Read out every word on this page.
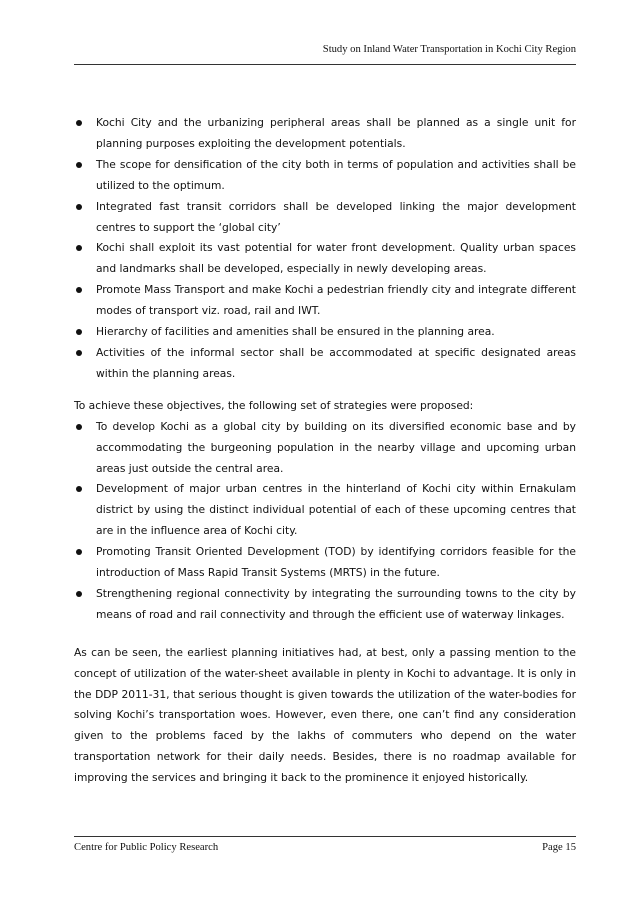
Study on Inland Water Transportation in Kochi City Region
Kochi City and the urbanizing peripheral areas shall be planned as a single unit for planning purposes exploiting the development potentials.
The scope for densification of the city both in terms of population and activities shall be utilized to the optimum.
Integrated fast transit corridors shall be developed linking the major development centres to support the ‘global city’
Kochi shall exploit its vast potential for water front development. Quality urban spaces and landmarks shall be developed, especially in newly developing areas.
Promote Mass Transport and make Kochi a pedestrian friendly city and integrate different modes of transport viz. road, rail and IWT.
Hierarchy of facilities and amenities shall be ensured in the planning area.
Activities of the informal sector shall be accommodated at specific designated areas within the planning areas.

To achieve these objectives, the following set of strategies were proposed:

To develop Kochi as a global city by building on its diversified economic base and by accommodating the burgeoning population in the nearby village and upcoming urban areas just outside the central area.
Development of major urban centres in the hinterland of Kochi city within Ernakulam district by using the distinct individual potential of each of these upcoming centres that are in the influence area of Kochi city.
Promoting Transit Oriented Development (TOD) by identifying corridors feasible for the introduction of Mass Rapid Transit Systems (MRTS) in the future.
Strengthening regional connectivity by integrating the surrounding towns to the city by means of road and rail connectivity and through the efficient use of waterway linkages.

As can be seen, the earliest planning initiatives had, at best, only a passing mention to the concept of utilization of the water-sheet available in plenty in Kochi to advantage. It is only in the DDP 2011-31, that serious thought is given towards the utilization of the water-bodies for solving Kochi’s transportation woes. However, even there, one can’t find any consideration given to the problems faced by the lakhs of commuters who depend on the water transportation network for their daily needs. Besides, there is no roadmap available for improving the services and bringing it back to the prominence it enjoyed historically.

Centre for Public Policy Research	Page 15
